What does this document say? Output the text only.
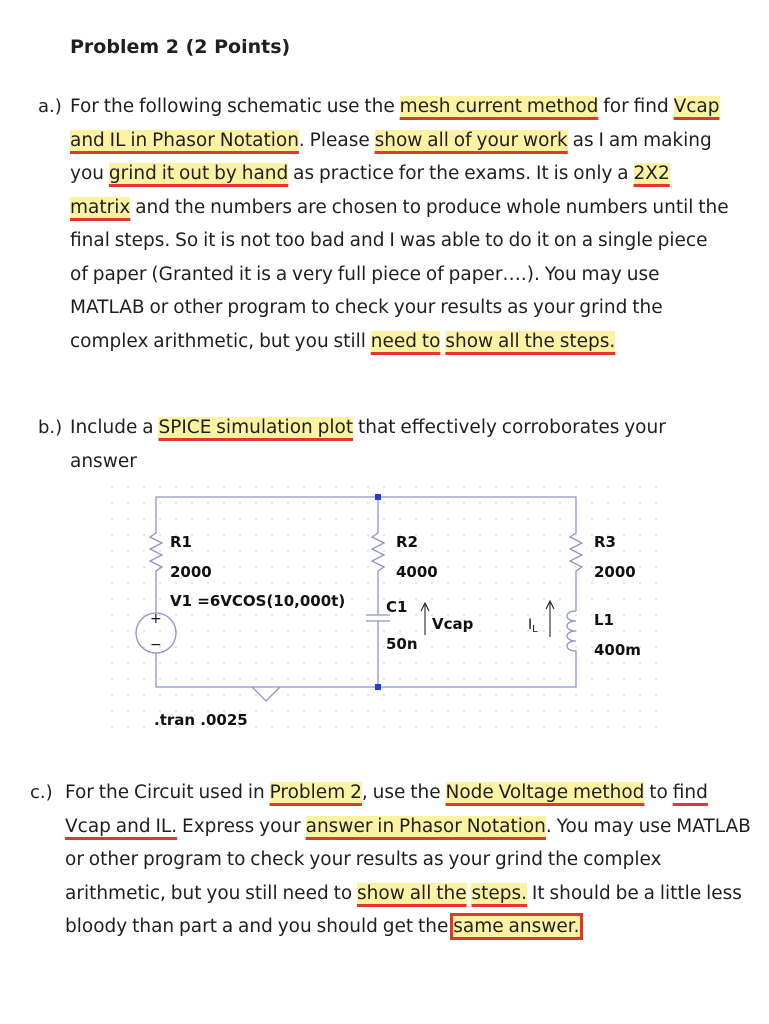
Problem 2 (2 Points)
a.) For the following schematic use the mesh current method for find Vcap and IL in Phasor Notation. Please show all of your work as I am making you grind it out by hand as practice for the exams. It is only a 2X2 matrix and the numbers are chosen to produce whole numbers until the final steps. So it is not too bad and I was able to do it on a single piece of paper (Granted it is a very full piece of paper….). You may use MATLAB or other program to check your results as your grind the complex arithmetic, but you still need to show all the steps.
b.) Include a SPICE simulation plot that effectively corroborates your answer
+
−
R1
2000
V1 =6VCOS(10,000t)
R2
4000
C1
50n
Vcap	$I_L$
R3
2000
L1
400m
.tran .0025
c.) For the Circuit used in Problem 2, use the Node Voltage method to find Vcap and IL. Express your answer in Phasor Notation. You may use MATLAB or other program to check your results as your grind the complex arithmetic, but you still need to show all the steps. It should be a little less bloody than part a and you should get the same answer.
